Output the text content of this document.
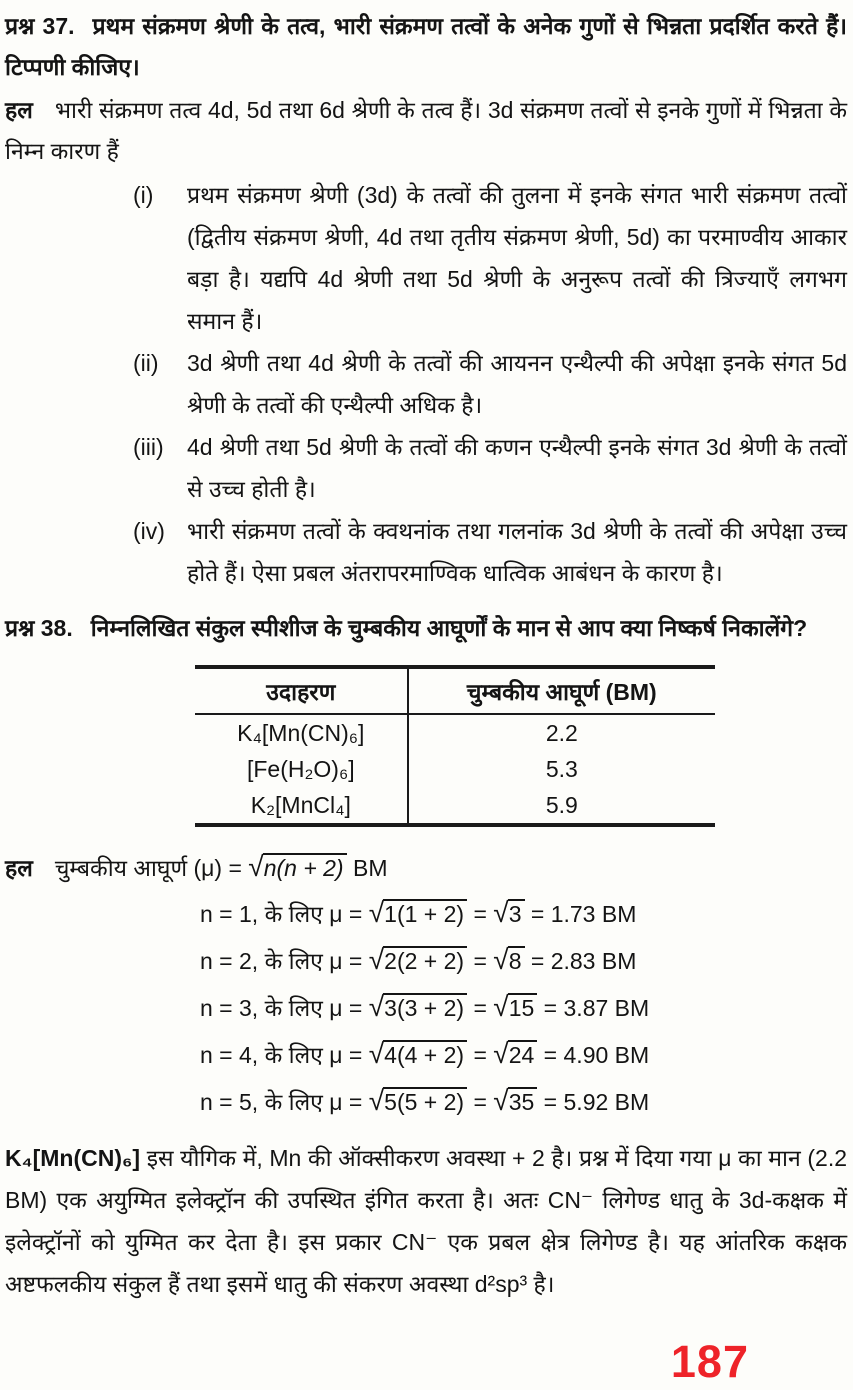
प्रश्न 37. प्रथम संक्रमण श्रेणी के तत्व, भारी संक्रमण तत्वों के अनेक गुणों से भिन्नता प्रदर्शित करते हैं। टिप्पणी कीजिए।

हल भारी संक्रमण तत्व 4d, 5d तथा 6d श्रेणी के तत्व हैं। 3d संक्रमण तत्वों से इनके गुणों में भिन्नता के निम्न कारण हैं

(i)	प्रथम संक्रमण श्रेणी (3d) के तत्वों की तुलना में इनके संगत भारी संक्रमण तत्वों (द्वितीय संक्रमण श्रेणी, 4d तथा तृतीय संक्रमण श्रेणी, 5d) का परमाण्वीय आकार बड़ा है। यद्यपि 4d श्रेणी तथा 5d श्रेणी के अनुरूप तत्वों की त्रिज्याएँ लगभग समान हैं।
(ii)	3d श्रेणी तथा 4d श्रेणी के तत्वों की आयनन एन्थैल्पी की अपेक्षा इनके संगत 5d श्रेणी के तत्वों की एन्थैल्पी अधिक है।
(iii)	4d श्रेणी तथा 5d श्रेणी के तत्वों की कणन एन्थैल्पी इनके संगत 3d श्रेणी के तत्वों से उच्च होती है।
(iv) भारी संक्रमण तत्वों के क्वथनांक तथा गलनांक 3d श्रेणी के तत्वों की अपेक्षा उच्च होते हैं। ऐसा प्रबल अंतरापरमाण्विक धात्विक आबंधन के कारण है।

प्रश्न 38. निम्नलिखित संकुल स्पीशीज के चुम्बकीय आघूर्णों के मान से आप क्या निष्कर्ष निकालेंगे?

उदाहरण	चुम्बकीय आघूर्ण (BM)
K₄[Mn(CN)₆]	2.2
[Fe(H₂O)₆]	5.3
K₂[MnCl₄]	5.9
हल चुम्बकीय आघूर्ण (μ) = √n(n + 2) BM
n = 1, के लिए μ = √1(1 + 2) = √3 = 1.73 BM
n = 2, के लिए μ = √2(2 + 2) = √8 = 2.83 BM
n = 3, के लिए μ = √3(3 + 2) = √15 = 3.87 BM
n = 4, के लिए μ = √4(4 + 2) = √24 = 4.90 BM
n = 5, के लिए μ = √5(5 + 2) = √35 = 5.92 BM

K₄[Mn(CN)₆] इस यौगिक में, Mn की ऑक्सीकरण अवस्था + 2 है। प्रश्न में दिया गया μ का मान (2.2 BM) एक अयुग्मित इलेक्ट्रॉन की उपस्थित इंगित करता है। अतः CN⁻ लिगेण्ड धातु के 3d-कक्षक में इलेक्ट्रॉनों को युग्मित कर देता है। इस प्रकार CN⁻ एक प्रबल क्षेत्र लिगेण्ड है। यह आंतरिक कक्षक अष्टफलकीय संकुल हैं तथा इसमें धातु की संकरण अवस्था d²sp³ है।

187
